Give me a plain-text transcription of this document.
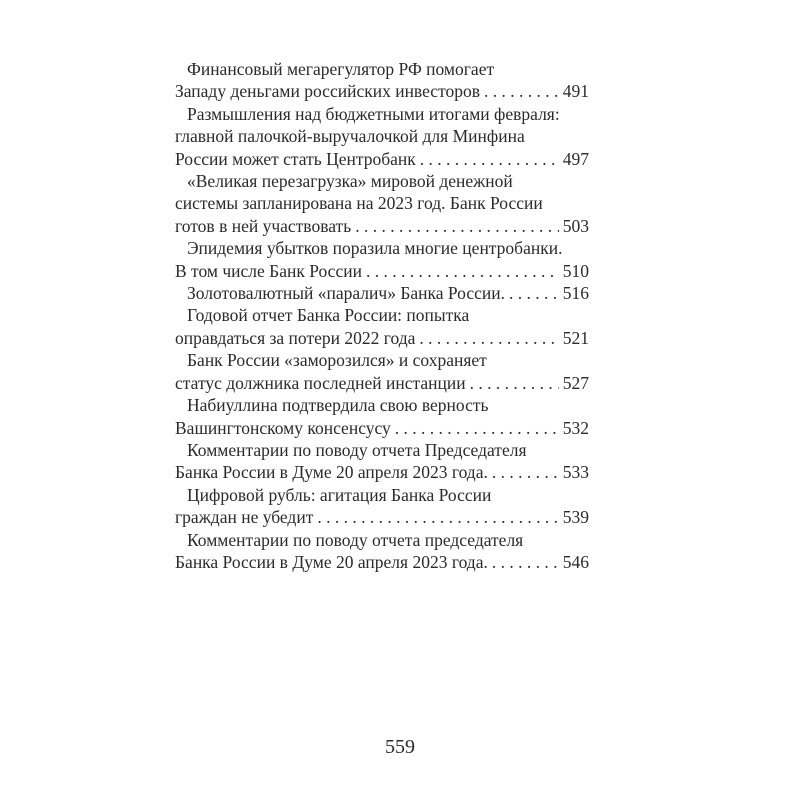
Финансовый мегарегулятор РФ помогает
Западу деньгами российских инвесторов . . .	491
Размышления над бюджетными итогами февраля:
главной палочкой-выручалочкой для Минфина
России может стать Центробанк . . .	497
«Великая перезагрузка» мировой денежной
системы запланирована на 2023 год. Банк России
готов в ней участвовать . . .	503
Эпидемия убытков поразила многие центробанки.
В том числе Банк России . . .	510
Золотовалютный «паралич» Банка России. . . .	516
Годовой отчет Банка России: попытка
оправдаться за потери 2022 года . . .	521
Банк России «заморозился» и сохраняет
статус должника последней инстанции . . .	527
Набиуллина подтвердила свою верность
Вашингтонскому консенсусу . . .	532
Комментарии по поводу отчета Председателя
Банка России в Думе 20 апреля 2023 года. . . .	533
Цифровой рубль: агитация Банка России
граждан не убедит . . .	539
Комментарии по поводу отчета председателя
Банка России в Думе 20 апреля 2023 года. . . .	546
559
